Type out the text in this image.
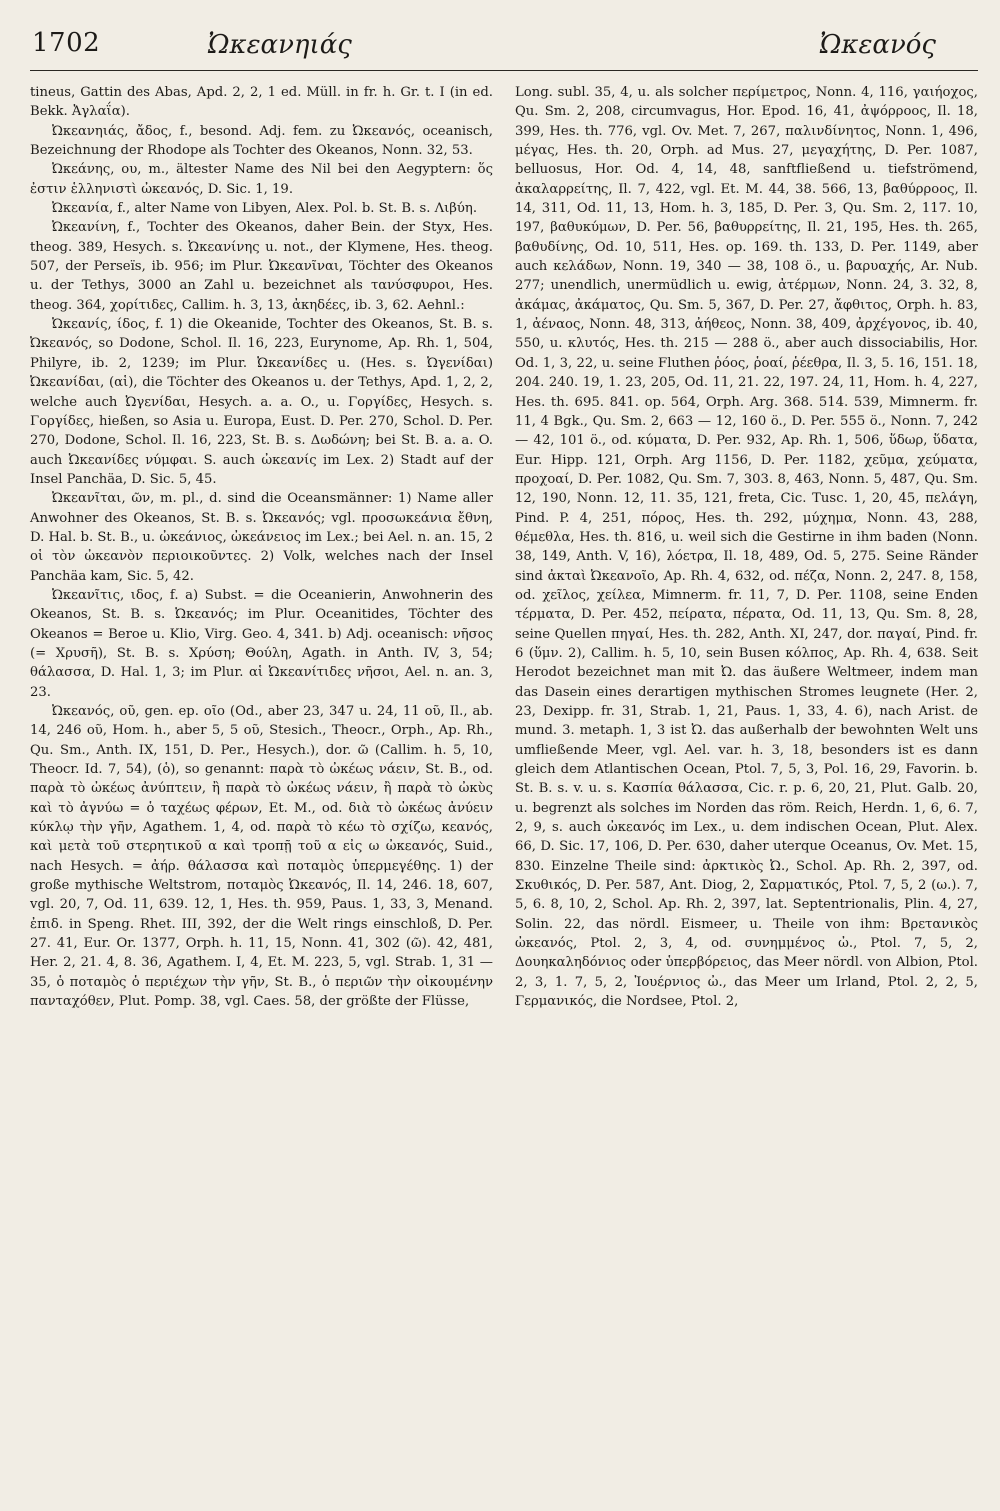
1702	Ὠκεανηιάς	Ὠκεανός

tineus, Gattin des Abas, Apd. 2, 2, 1 ed. Müll. in fr. h. Gr. t. I (in ed. Bekk. Ἀγλαΐα).

Ὠκεανηιάς, ἄδος, f., besond. Adj. fem. zu Ὠκεανός, oceanisch, Bezeichnung der Rhodope als Tochter des Okeanos, Nonn. 32, 53.

Ὠκεάνης, ου, m., ältester Name des Nil bei den Aegyptern: ὅς ἐστιν ἑλληνιστὶ ὠκεανός, D. Sic. 1, 19.

Ὠκεανία, f., alter Name von Libyen, Alex. Pol. b. St. B. s. Λιβύη.

Ὠκεανίνη, f., Tochter des Okeanos, daher Bein. der Styx, Hes. theog. 389, Hesych. s. Ὠκεανίνης u. not., der Klymene, Hes. theog. 507, der Perseïs, ib. 956; im Plur. Ὠκεανῖναι, Töchter des Okeanos u. der Tethys, 3000 an Zahl u. bezeichnet als τανύσφυροι, Hes. theog. 364, χορίτιδες, Callim. h. 3, 13, ἀκηδέες, ib. 3, 62. Aehnl.:

Ὠκεανίς, ίδος, f. 1) die Okeanide, Tochter des Okeanos, St. B. s. Ὠκεανός, so Dodone, Schol. Il. 16, 223, Eurynome, Ap. Rh. 1, 504, Philyre, ib. 2, 1239; im Plur. Ὠκεανίδες u. (Hes. s. Ὠγενίδαι) Ὠκεανίδαι, (αἱ), die Töchter des Okeanos u. der Tethys, Apd. 1, 2, 2, welche auch Ὠγενίδαι, Hesych. a. a. O., u. Γοργίδες, Hesych. s. Γοργίδες, hießen, so Asia u. Europa, Eust. D. Per. 270, Schol. D. Per. 270, Dodone, Schol. Il. 16, 223, St. B. s. Δωδώνη; bei St. B. a. a. O. auch Ὠκεανίδες νύμφαι. S. auch ὠκεανίς im Lex. 2) Stadt auf der Insel Panchäa, D. Sic. 5, 45.

Ὠκεανῖται, ῶν, m. pl., d. sind die Oceansmänner: 1) Name aller Anwohner des Okeanos, St. B. s. Ὠκεανός; vgl. προσωκεάνια ἔθνη, D. Hal. b. St. B., u. ὠκεάνιος, ὠκεάνειος im Lex.; bei Ael. n. an. 15, 2 οἱ τὸν ὠκεανὸν περιοικοῦντες. 2) Volk, welches nach der Insel Panchäa kam, Sic. 5, 42.

Ὠκεανῖτις, ιδος, f. a) Subst. = die Oceanierin, Anwohnerin des Okeanos, St. B. s. Ὠκεανός; im Plur. Oceanitides, Töchter des Okeanos = Beroe u. Klio, Virg. Geo. 4, 341. b) Adj. oceanisch: νῆσος (= Χρυσῆ), St. B. s. Χρύση; Θούλη, Agath. in Anth. IV, 3, 54; θάλασσα, D. Hal. 1, 3; im Plur. αἱ Ὠκεανίτιδες νῆσοι, Ael. n. an. 3, 23.

Ὠκεανός, οῦ, gen. ep. οῖο (Od., aber 23, 347 u. 24, 11 οῦ, Il., ab. 14, 246 οῦ, Hom. h., aber 5, 5 οῦ, Stesich., Theocr., Orph., Ap. Rh., Qu. Sm., Anth. IX, 151, D. Per., Hesych.), dor. ῶ (Callim. h. 5, 10, Theocr. Id. 7, 54), (ὁ), so genannt: παρὰ τὸ ὠκέως νάειν, St. B., od. παρὰ τὸ ὠκέως ἀνύπτειν, ἢ παρὰ τὸ ὠκέως νάειν, ἢ παρὰ τὸ ὠκὺς καὶ τὸ ἀγνύω = ὁ ταχέως φέρων, Et. M., od. διὰ τὸ ὠκέως ἀνύειν κύκλῳ τὴν γῆν, Agathem. 1, 4, od. παρὰ τὸ κέω τὸ σχίζω, κεανός, καὶ μετὰ τοῦ στερητικοῦ α καὶ τροπῇ τοῦ α εἰς ω ὠκεανός, Suid., nach Hesych. = ἀήρ. θάλασσα καὶ ποταμὸς ὑπερμεγέθης. 1) der große mythische Weltstrom, ποταμὸς Ὠκεανός, Il. 14, 246. 18, 607, vgl. 20, 7, Od. 11, 639. 12, 1, Hes. th. 959, Paus. 1, 33, 3, Menand. ἐπιδ. in Speng. Rhet. III, 392, der die Welt rings einschloß, D. Per. 27. 41, Eur. Or. 1377, Orph. h. 11, 15, Nonn. 41, 302 (ῶ). 42, 481, Her. 2, 21. 4, 8. 36, Agathem. I, 4, Et. M. 223, 5, vgl. Strab. 1, 31 — 35, ὁ ποταμὸς ὁ περιέχων τὴν γῆν, St. B., ὁ περιῶν τὴν οἰκουμένην πανταχόθεν, Plut. Pomp. 38, vgl. Caes. 58, der größte der Flüsse,

Long. subl. 35, 4, u. als solcher περίμετρος, Nonn. 4, 116, γαιήοχος, Qu. Sm. 2, 208, circumvagus, Hor. Epod. 16, 41, ἀψόρροος, Il. 18, 399, Hes. th. 776, vgl. Ov. Met. 7, 267, παλινδίνητος, Nonn. 1, 496, μέγας, Hes. th. 20, Orph. ad Mus. 27, μεγαχήτης, D. Per. 1087, belluosus, Hor. Od. 4, 14, 48, sanftfließend u. tiefströmend, ἀκαλαρρείτης, Il. 7, 422, vgl. Et. M. 44, 38. 566, 13, βαθύρροος, Il. 14, 311, Od. 11, 13, Hom. h. 3, 185, D. Per. 3, Qu. Sm. 2, 117. 10, 197, βαθυκύμων, D. Per. 56, βαθυρρείτης, Il. 21, 195, Hes. th. 265, βαθυδίνης, Od. 10, 511, Hes. op. 169. th. 133, D. Per. 1149, aber auch κελάδων, Nonn. 19, 340 — 38, 108 ö., u. βαρυαχής, Ar. Nub. 277; unendlich, unermüdlich u. ewig, ἀτέρμων, Nonn. 24, 3. 32, 8, ἀκάμας, ἀκάματος, Qu. Sm. 5, 367, D. Per. 27, ἄφθιτος, Orph. h. 83, 1, ἀέναος, Nonn. 48, 313, ἀήθεος, Nonn. 38, 409, ἀρχέγονος, ib. 40, 550, u. κλυτός, Hes. th. 215 — 288 ö., aber auch dissociabilis, Hor. Od. 1, 3, 22, u. seine Fluthen ῥόος, ῥοαί, ῥέεθρα, Il. 3, 5. 16, 151. 18, 204. 240. 19, 1. 23, 205, Od. 11, 21. 22, 197. 24, 11, Hom. h. 4, 227, Hes. th. 695. 841. op. 564, Orph. Arg. 368. 514. 539, Mimnerm. fr. 11, 4 Bgk., Qu. Sm. 2, 663 — 12, 160 ö., D. Per. 555 ö., Nonn. 7, 242 — 42, 101 ö., od. κύματα, D. Per. 932, Ap. Rh. 1, 506, ὕδωρ, ὕδατα, Eur. Hipp. 121, Orph. Arg 1156, D. Per. 1182, χεῦμα, χεύματα, προχοαί, D. Per. 1082, Qu. Sm. 7, 303. 8, 463, Nonn. 5, 487, Qu. Sm. 12, 190, Nonn. 12, 11. 35, 121, freta, Cic. Tusc. 1, 20, 45, πελάγη, Pind. P. 4, 251, πόρος, Hes. th. 292, μύχημα, Nonn. 43, 288, θέμεθλα, Hes. th. 816, u. weil sich die Gestirne in ihm baden (Nonn. 38, 149, Anth. V, 16), λόετρα, Il. 18, 489, Od. 5, 275. Seine Ränder sind ἀκταὶ Ὠκεανοῖο, Ap. Rh. 4, 632, od. πέζα, Nonn. 2, 247. 8, 158, od. χεῖλος, χείλεα, Mimnerm. fr. 11, 7, D. Per. 1108, seine Enden τέρματα, D. Per. 452, πείρατα, πέρατα, Od. 11, 13, Qu. Sm. 8, 28, seine Quellen πηγαί, Hes. th. 282, Anth. XI, 247, dor. παγαί, Pind. fr. 6 (ὕμν. 2), Callim. h. 5, 10, sein Busen κόλπος, Ap. Rh. 4, 638. Seit Herodot bezeichnet man mit Ὠ. das äußere Weltmeer, indem man das Dasein eines derartigen mythischen Stromes leugnete (Her. 2, 23, Dexipp. fr. 31, Strab. 1, 21, Paus. 1, 33, 4. 6), nach Arist. de mund. 3. metaph. 1, 3 ist Ὠ. das außerhalb der bewohnten Welt uns umfließende Meer, vgl. Ael. var. h. 3, 18, besonders ist es dann gleich dem Atlantischen Ocean, Ptol. 7, 5, 3, Pol. 16, 29, Favorin. b. St. B. s. v. u. s. Κασπία θάλασσα, Cic. r. p. 6, 20, 21, Plut. Galb. 20, u. begrenzt als solches im Norden das röm. Reich, Herdn. 1, 6, 6. 7, 2, 9, s. auch ὠκεανός im Lex., u. dem indischen Ocean, Plut. Alex. 66, D. Sic. 17, 106, D. Per. 630, daher uterque Oceanus, Ov. Met. 15, 830. Einzelne Theile sind: ἀρκτικὸς Ὠ., Schol. Ap. Rh. 2, 397, od. Σκυθικός, D. Per. 587, Ant. Diog, 2, Σαρματικός, Ptol. 7, 5, 2 (ω.). 7, 5, 6. 8, 10, 2, Schol. Ap. Rh. 2, 397, lat. Septentrionalis, Plin. 4, 27, Solin. 22, das nördl. Eismeer, u. Theile von ihm: Βρετανικὸς ὠκεανός, Ptol. 2, 3, 4, od. συνημμένος ὠ., Ptol. 7, 5, 2, Δουηκαληδόνιος oder ὑπερβόρειος, das Meer nördl. von Albion, Ptol. 2, 3, 1. 7, 5, 2, Ἰουέρνιος ὠ., das Meer um Irland, Ptol. 2, 2, 5, Γερμανικός, die Nordsee, Ptol. 2,
